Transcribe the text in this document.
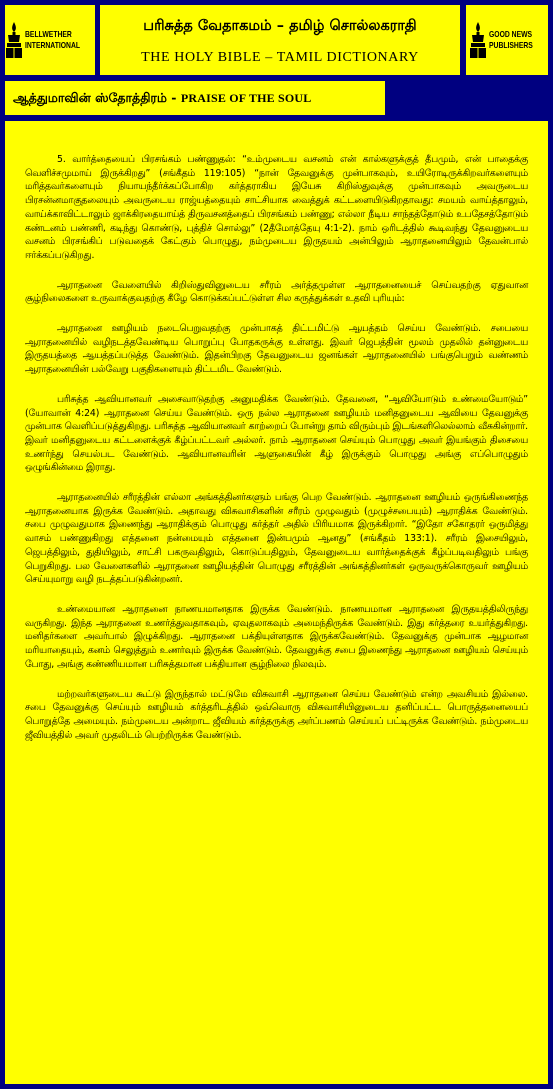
BELLWETHER
INTERNATIONAL
பரிசுத்த வேதாகமம் – தமிழ் சொல்லகராதி
THE HOLY BIBLE – TAMIL DICTIONARY
GOOD NEWS
PUBLISHERS
ஆத்துமாவின் ஸ்தோத்திரம் - PRAISE OF THE SOUL

5. வார்த்தையைப் பிரசங்கம் பண்ணுதல்: “உம்முடைய வசனம் என் கால்களுக்குத் தீபமும், என் பாதைக்கு வெளிச்சமுமாய் இருக்கிறது” (சங்கீதம் 119:105) “நான் தேவனுக்கு முன்பாகவும், உயிரோடிருக்கிறவர்களையும் மரித்தவர்களையும் நியாயந்தீர்க்கப்போகிற கர்த்தராகிய இயேசு கிறிஸ்துவுக்கு முன்பாகவும் அவருடைய பிரசன்னமாகுதலையும் அவருடைய ராஜ்யத்தையும் சாட்சியாக வைத்துக் கட்டளையிடுகிறதாவது: சமயம் வாய்த்தாலும், வாய்க்காவிட்டாலும் ஜாக்கிரதையாய்த் திருவசனத்தைப் பிரசங்கம் பண்ணு; எல்லா நீடிய சாந்தத்தோடும் உபதேசத்தோடும் கண்டனம் பண்ணி, கடிந்து கொண்டு, புத்திச் சொல்லு” (2தீமோத்தேயு 4:1-2). நாம் ஒரிடத்தில் கூடிவந்து தேவனுடைய வசனம் பிரசங்கிப் படுவதைக் கேட்கும் பொழுது, நம்முடைய இருதயம் அன்பிலும் ஆராதனையிலும் தேவன்பால் ஈர்க்கப்படுகிறது.

ஆராதனை வேளையில் கிறிஸ்துவினுடைய சரீரம் அர்த்தமுள்ள ஆராதனையைச் செய்வதற்கு ஏதுவான சூழ்நிலைகளை உருவாக்குவதற்கு கீழே கொடுக்கப்பட்டுள்ள சில கருத்துக்கள் உதவி புரியும்:

ஆராதனை ஊழியம் நடைபெறுவதற்கு முன்பாகத் திட்டமிட்டு ஆயத்தம் செய்ய வேண்டும். சபையை ஆராதனையில் வழிநடத்தவேண்டிய பொறுப்பு போதகருக்கு உள்ளது. இவர் ஜெபத்தின் மூலம் முதலில் தன்னுடைய இருதயத்தை ஆயத்தப்படுத்த வேண்டும். இதன்பிறகு தேவனுடைய ஜனங்கள் ஆராதனையில் பங்குபெறும் வண்ணம் ஆராதனையின் பல்வேறு பகுதிகளையும் திட்டமிட வேண்டும்.

பரிசுத்த ஆவியானவர் அசைவாடுதற்கு அனுமதிக்க வேண்டும். தேவனை, “ஆவியோடும் உண்மையோடும்” (யோவான் 4:24) ஆராதனை செய்ய வேண்டும். ஒரு நல்ல ஆராதனை ஊழியம் மனிதனுடைய ஆவியை தேவனுக்கு முன்பாக வெளிப்படுத்துகிறது. பரிசுத்த ஆவியானவர் காற்றைப் போன்று தாம் விரும்பும் இடங்களிலெல்லாம் வீசுகின்றார். இவர் மனிதனுடைய கட்டளைக்குக் கீழ்ப்பட்டவர் அல்லர். நாம் ஆராதனை செய்யும் பொழுது அவர் இயங்கும் திசையை உணர்ந்து செயல்பட வேண்டும். ஆவியானவரின் ஆளுகையின் கீழ் இருக்கும் பொழுது அங்கு எப்பொழுதும் ஒழுங்கின்மை இராது.

ஆராதனையில் சரீரத்தின் எல்லா அங்கத்தினர்களும் பங்கு பெற வேண்டும். ஆராதனை ஊழியம் ஒருங்கிணைந்த ஆராதனையாக இருக்க வேண்டும். அதாவது விசுவாசிகளின் சரீரம் முழுவதும் (முழுச்சபையும்) ஆராதிக்க வேண்டும். சபை முழுவதுமாக இணைந்து ஆராதிக்கும் பொழுது கர்த்தர் அதில் பிரியமாக இருக்கிறார். “இதோ சகோதரர் ஒருமித்து வாசம் பண்ணுகிறது எத்தனை நன்மையும் எத்தனை இன்பமும் ஆனது” (சங்கீதம் 133:1). சரீரம் இசையிலும், ஜெபத்திலும், துதியிலும், சாட்சி பகருவதிலும், கொடுப்பதிலும், தேவனுடைய வார்த்தைக்குக் கீழ்ப்படிவதிலும் பங்கு பெறுகிறது. பல வேளைகளில் ஆராதனை ஊழியத்தின் பொழுது சரீரத்தின் அங்கத்தினர்கள் ஒருவருக்கொருவர் ஊழியம் செய்யுமாறு வழி நடத்தப்படுகின்றனர்.

உண்மையான ஆராதனை நாணயமானதாக இருக்க வேண்டும். நாணயமான ஆராதனை இருதயத்திலிருந்து வருகிறது. இந்த ஆராதனை உணர்த்துவதாகவும், ஏவுதலாகவும் அமைந்திருக்க வேண்டும். இது கர்த்தரை உயர்த்துகிறது. மனிதர்களை அவர்பால் இழுக்கிறது. ஆராதனை பக்தியுள்ளதாக இருக்கவேண்டும். தேவனுக்கு முன்பாக ஆழமான மரியாதையும், கனம் செலுத்தும் உணர்வும் இருக்க வேண்டும். தேவனுக்கு சபை இணைந்து ஆராதனை ஊழியம் செய்யும் போது, அங்கு கண்ணியமான பரிசுத்தமான பக்தியான சூழ்நிலை நிலவும்.

மற்றவர்களுடைய கூட்டு இருந்தால் மட்டுமே விசுவாசி ஆராதனை செய்ய வேண்டும் என்ற அவசியம் இல்லை. சபை தேவனுக்கு செய்யும் ஊழியம் கர்த்தரிடத்தில் ஒவ்வொரு விசுவாசியினுடைய தனிப்பட்ட பொருத்தனையைப் பொறுத்தே அமையும். நம்முடைய அன்றாட ஜீவியம் கர்த்தருக்கு அர்ப்பணம் செய்யப் பட்டிருக்க வேண்டும். நம்முடைய ஜீவியத்தில் அவர் முதலிடம் பெற்றிருக்க வேண்டும்.
